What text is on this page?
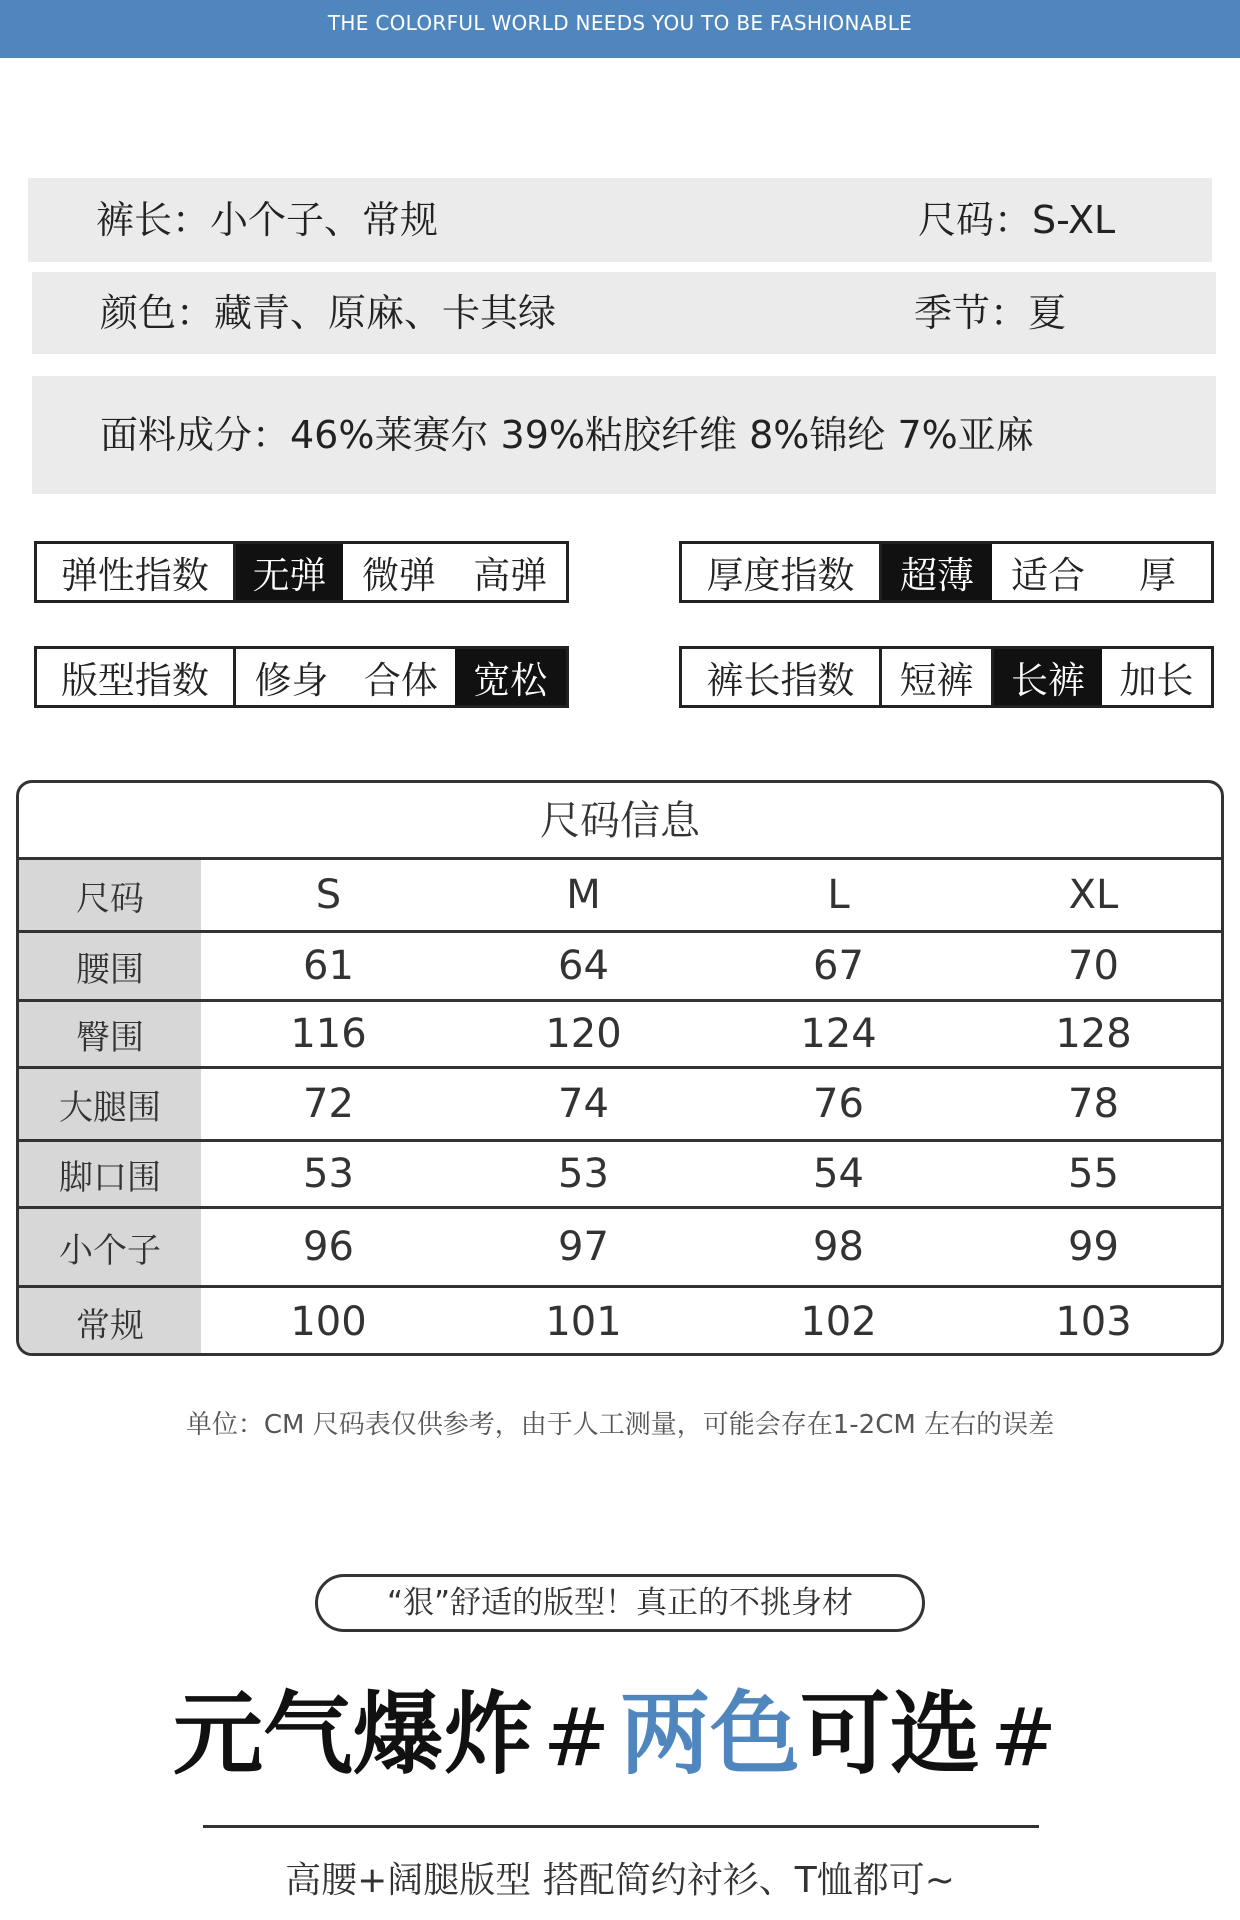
THE COLORFUL WORLD NEEDS YOU TO BE FASHIONABLE
裤长：小个子、常规	尺码：S-XL
颜色：藏青、原麻、卡其绿	季节：夏
面料成分：46%莱赛尔 39%粘胶纤维 8%锦纶 7%亚麻
弹性指数	无弹 微弹	高弹	厚度指数	超薄	适合	厚
版型指数	修身 合体 宽松	裤长指数	短裤	长裤 加长
尺码信息
尺码	S	M	L	XL
腰围	61	64	67	70
臀围	116	120	124	128
大腿围	72	74	76	78
脚口围	53	53	54	55
小个子	96	97	98	99
常规	100	101	102	103
单位：CM 尺码表仅供参考，由于人工测量，可能会存在1-2CM 左右的误差
“狠”舒适的版型！真正的不挑身材
元气爆炸 # 两色可选 #
高腰+阔腿版型 搭配简约衬衫、T恤都可~
